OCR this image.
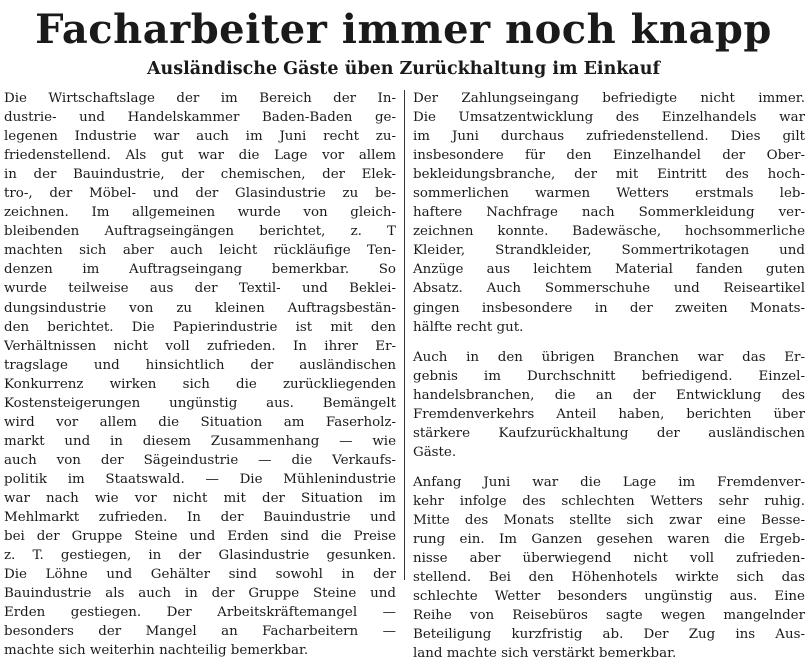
Facharbeiter immer noch knapp
Ausländische Gäste üben Zurückhaltung im Einkauf

Die Wirtschaftslage der im Bereich der In-
dustrie- und Handelskammer Baden-Baden ge-
legenen Industrie war auch im Juni recht zu-
friedenstellend. Als gut war die Lage vor allem
in der Bauindustrie, der chemischen, der Elek-
tro-, der Möbel- und der Glasindustrie zu be-
zeichnen. Im allgemeinen wurde von gleich-
bleibenden Auftragseingängen berichtet, z. T
machten sich aber auch leicht rückläufige Ten-
denzen im Auftragseingang bemerkbar. So
wurde teilweise aus der Textil- und Beklei-
dungsindustrie von zu kleinen Auftragsbestän-
den berichtet. Die Papierindustrie ist mit den
Verhältnissen nicht voll zufrieden. In ihrer Er-
tragslage und hinsichtlich der ausländischen
Konkurrenz wirken sich die zurückliegenden
Kostensteigerungen ungünstig aus. Bemängelt
wird vor allem die Situation am Faserholz-
markt und in diesem Zusammenhang — wie
auch von der Sägeindustrie — die Verkaufs-
politik im Staatswald. — Die Mühlenindustrie
war nach wie vor nicht mit der Situation im
Mehlmarkt zufrieden. In der Bauindustrie und
bei der Gruppe Steine und Erden sind die Preise
z. T. gestiegen, in der Glasindustrie gesunken.
Die Löhne und Gehälter sind sowohl in der
Bauindustrie als auch in der Gruppe Steine und
Erden gestiegen. Der Arbeitskräftemangel —
besonders der Mangel an Facharbeitern —
machte sich weiterhin nachteilig bemerkbar.

Der Zahlungseingang befriedigte nicht immer.
Die Umsatzentwicklung des Einzelhandels war
im Juni durchaus zufriedenstellend. Dies gilt
insbesondere für den Einzelhandel der Ober-
bekleidungsbranche, der mit Eintritt des hoch-
sommerlichen warmen Wetters erstmals leb-
haftere Nachfrage nach Sommerkleidung ver-
zeichnen konnte. Badewäsche, hochsommerliche
Kleider, Strandkleider, Sommertrikotagen und
Anzüge aus leichtem Material fanden guten
Absatz. Auch Sommerschuhe und Reiseartikel
gingen insbesondere in der zweiten Monats-
hälfte recht gut.

Auch in den übrigen Branchen war das Er-
gebnis im Durchschnitt befriedigend. Einzel-
handelsbranchen, die an der Entwicklung des
Fremdenverkehrs Anteil haben, berichten über
stärkere Kaufzurückhaltung der ausländischen
Gäste.

Anfang Juni war die Lage im Fremdenver-
kehr infolge des schlechten Wetters sehr ruhig.
Mitte des Monats stellte sich zwar eine Besse-
rung ein. Im Ganzen gesehen waren die Ergeb-
nisse aber überwiegend nicht voll zufrieden-
stellend. Bei den Höhenhotels wirkte sich das
schlechte Wetter besonders ungünstig aus. Eine
Reihe von Reisebüros sagte wegen mangelnder
Beteiligung kurzfristig ab. Der Zug ins Aus-
land machte sich verstärkt bemerkbar.
